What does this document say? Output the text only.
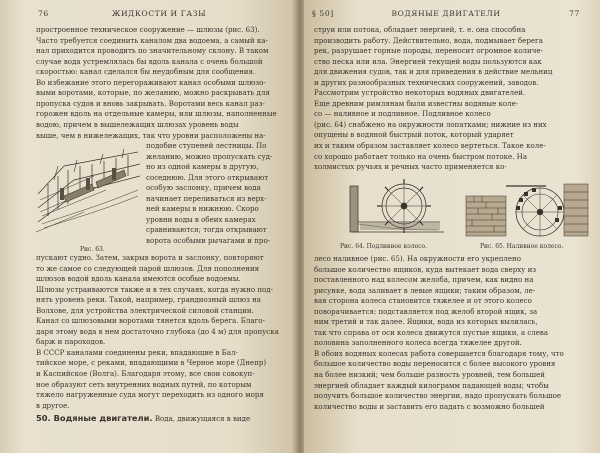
76	ЖИДКОСТИ И ГАЗЫ
прострoенное техническое сооружение — шлюзы (рис. 63).
Часто требуется соединить каналом два водоема, а самый ка-
нал приходится проводить по значительному склону. В таком
случае вода устремлялась бы вдоль канала с очень большой
скоростью: канал сделался бы неудобным для сообщения.
Во избежание этого перегораживают канал особыми шлюзо-
выми воротами, которые, по желанию, можно раскрывать для
пропуска судов и вновь закрывать. Воротами весь канал раз-
горожен вдоль на отдельные камеры, или шлюзы, наполненные
водою, причем в вышележащих шлюзах уровень воды
выше, чем в нижележащих, так что уровни расположены на-
подобие ступеней лестницы. По
желанию, можно пропускать суд-
но из одной камеры в другую,
соседнюю. Для этого открывают
особую заслонку, причем вода
начинает переливаться из верх-
ней камеры в нижнюю. Скоро
уровни воды в обеих камерах
сравниваются; тогда открывают
ворота особыми рычагами и про-
Рис. 63.
пускают судно. Затем, закрыв ворота и заслонку, повторяют
то же самое со следующей парой шлюзов. Для пополнения
шлюзов водой вдоль канала имеются особые водоемы.
Шлюзы устраиваются также и в тех случаях, когда нужно под-
нять уровень реки. Такой, например, грандиозный шлюз на
Волхове, для устройства электрической силовой станции.
Канал со шлюзовыми воротами тянется вдоль берега. Благо-
даря этому вода в нем достаточно глубока (до 4 м) для пропуска
барж и пароходов.
В СССР каналами соединены реки, впадающие в Бал-
тийское море, с реками, впадающими в Черное море (Днепр)
и Каспийское (Волга). Благодаря этому, все свои совокуп-
ное образуют сеть внутренних водных путей, по которым
тяжело нагруженные суда могут переходить из одного моря
в другое.
50. Водяные двигатели. Вода, движущаяся в виде
§ 50]	ВОДЯНЫЕ ДВИГАТЕЛИ	77
струи или потока, обладает энергией, т. е. она способна
производить работу. Действительно, вода, подмывает берега
рек, разрушает горные породы, переносит огромное количе-
ство песка или ила. Энергией текущей воды пользуются как
для движения судов, так и для приведения в действие мельниц
и других разнообразных технических сооружений, заводов.
Рассмотрим устройство некоторых водяных двигателей.
Еще древним римлянам были известны водяные коле-
со — наливное и подливное. Подливное колесо
(рис. 64) снабжено на окружности лопатками; нижние из них
опущены в водяной быстрый поток, который ударяет
их и таким образом заставляет колесо вертеться. Такое коле-
со хорошо работает только на очень быстром потоке. На
холмистых ручьях и речных часто применяется ко-
Рис. 64. Подливное колесо.	Рис. 65. Наливное колесо.
лесо наливное (рис. 65). На окружности его укреплено
большое количество ящиков, куда вытекает вода сверху из
поставленного над колесом желоба, причем, как видно на
рисунке, вода заливает в левые ящики; таким образом, ле-
вая сторона колеса становится тяжелее и от этого колесо
поворачивается: подставляется под желоб второй ящик, за
ним третий и так далее. Ящики, вода из которых вылилась,
так что справа от оси колеса движутся пустые ящики, а слева
половина заполненного колеса всегда тяжелее другой.
В обоих водяных колесах работа совершается благодаря тому, что
большое количество воды переносится с более высокого уровня
на более низкий; чем больше разность уровней, тем большей
энергией обладает каждый килограмм падающей воды; чтобы
получить большое количество энергии, надо пропускать большое
количество воды и заставить его падать с возможно большей
